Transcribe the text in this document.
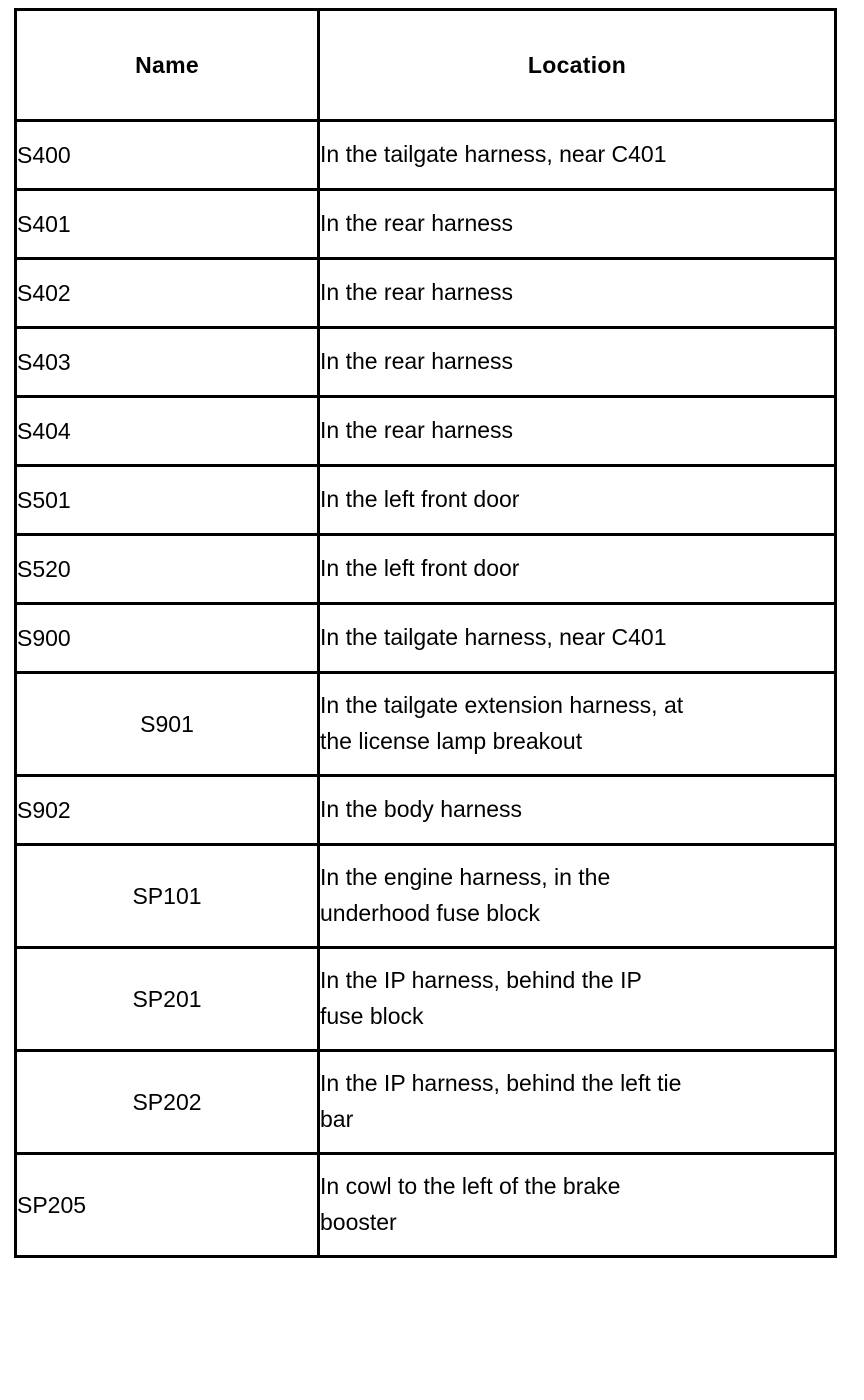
Name	Location
S400	In the tailgate harness, near C401

S401	In the rear harness

S402	In the rear harness

S403	In the rear harness

S404	In the rear harness

S501	In the left front door

S520	In the left front door

S900	In the tailgate harness, near C401

S901	In the tailgate extension harness, at
the license lamp breakout

S902	In the body harness

SP101	In the engine harness, in the
underhood fuse block

SP201	In the IP harness, behind the IP
fuse block

SP202	In the IP harness, behind the left tie
bar

SP205	In cowl to the left of the brake
booster
